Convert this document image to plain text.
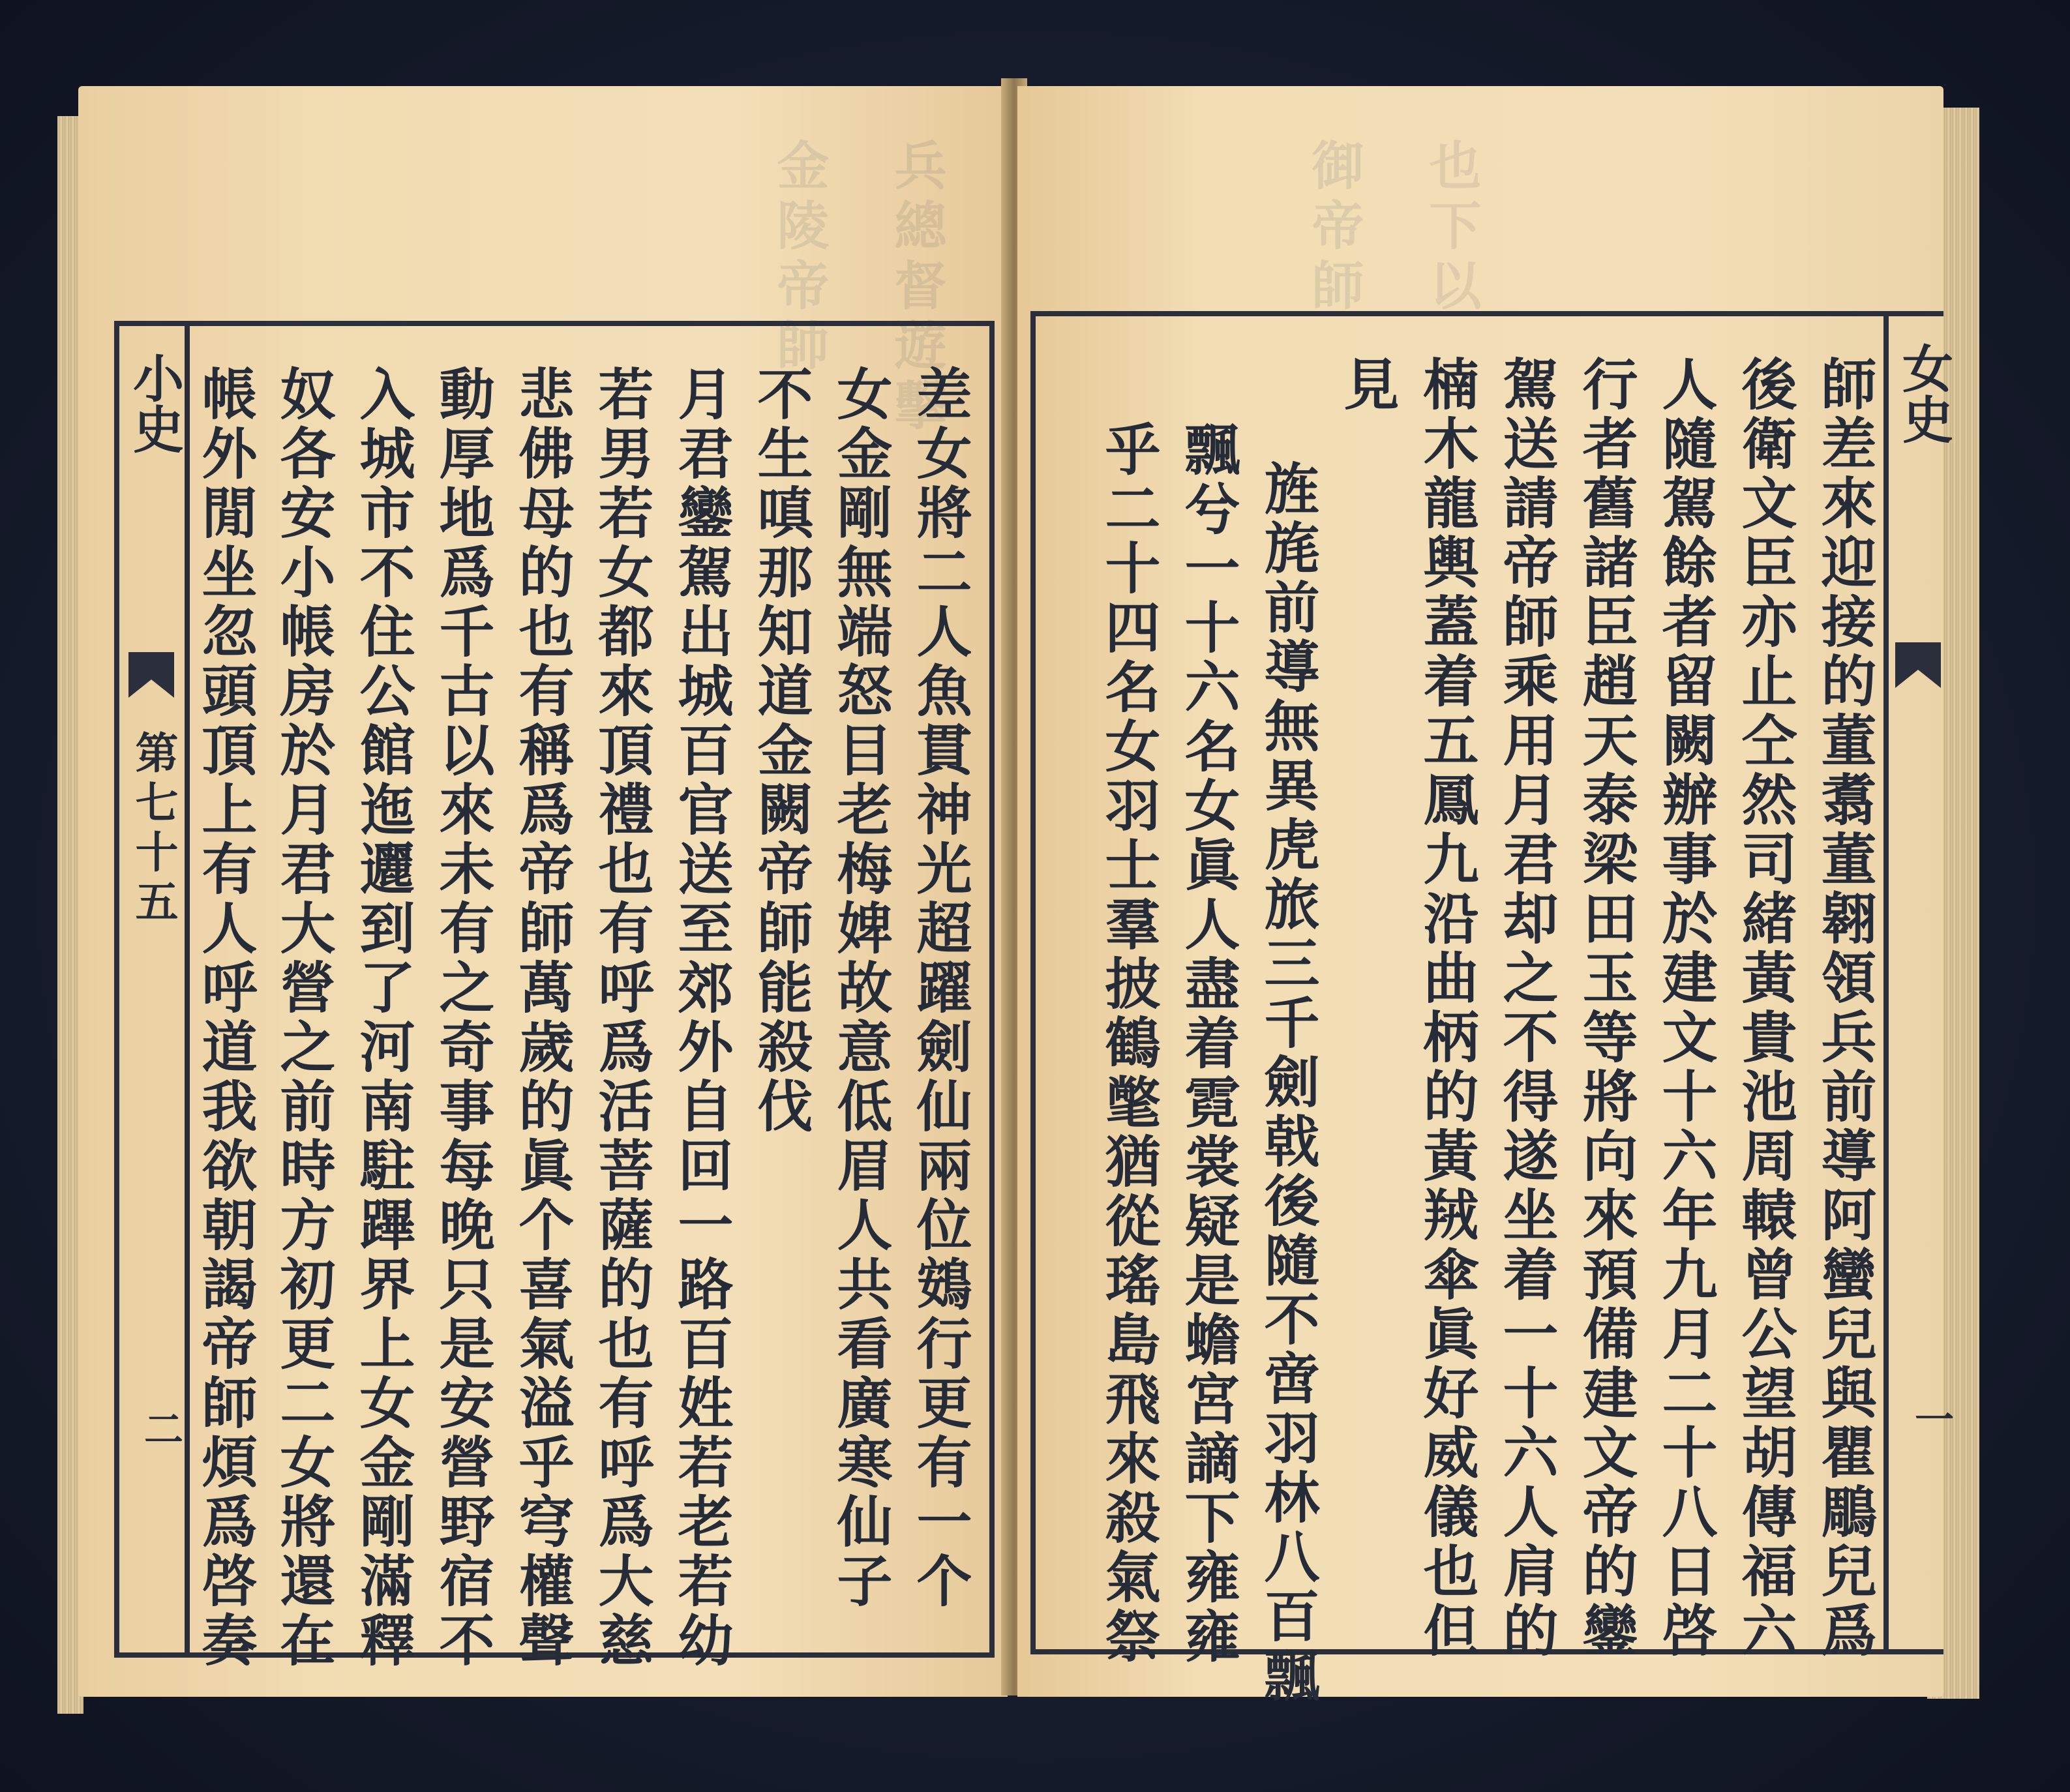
兵總督遊擊
金陵帝帥
小史
第七十五
二	差女將二人魚貫神光超躍劍仙兩位鴳行更有一个
女金剛無端怒目老梅婢故意低眉人共看廣寒仙子
不生嗔那知道金闕帝師能殺伐
月君鑾駕出城百官送至郊外自回一路百姓若老若幼
若男若女都來頂禮也有呼爲活菩薩的也有呼爲大慈
悲佛母的也有稱爲帝師萬歲的眞个喜氣溢乎穹權聲
動厚地爲千古以來未有之奇事每晚只是安營野宿不
入城市不住公館迤邐到了河南駐蹕界上女金剛滿釋
奴各安小帳房於月君大營之前時方初更二女將還在
帳外閒坐忽頭頂上有人呼道我欲朝謁帝師煩爲啓奏
御帝師 也下以
師差來迎接的董翥董翱領兵前導阿蠻兒與瞿鵰兒爲
後衛文臣亦止仝然司緒黃貴池周轅曾公望胡傳福六
人隨駕餘者留闕辦事於建文十六年九月二十八日啓
行者舊諸臣趙天泰梁田玉等將向來預備建文帝的鑾
駕送請帝師乘用月君却之不得遂坐着一十六人肩的
楠木龍輿蓋着五鳳九沿曲柄的黃羢傘眞好威儀也但
見
旌旄前導無異虎旅三千劍戟後隨不啻羽林八百飄
飄兮一十六名女眞人盡着霓裳疑是蟾宮謫下雍雍
乎二十四名女羽士羣披鶴氅猶從瑤島飛來殺氣祭
女史
一
